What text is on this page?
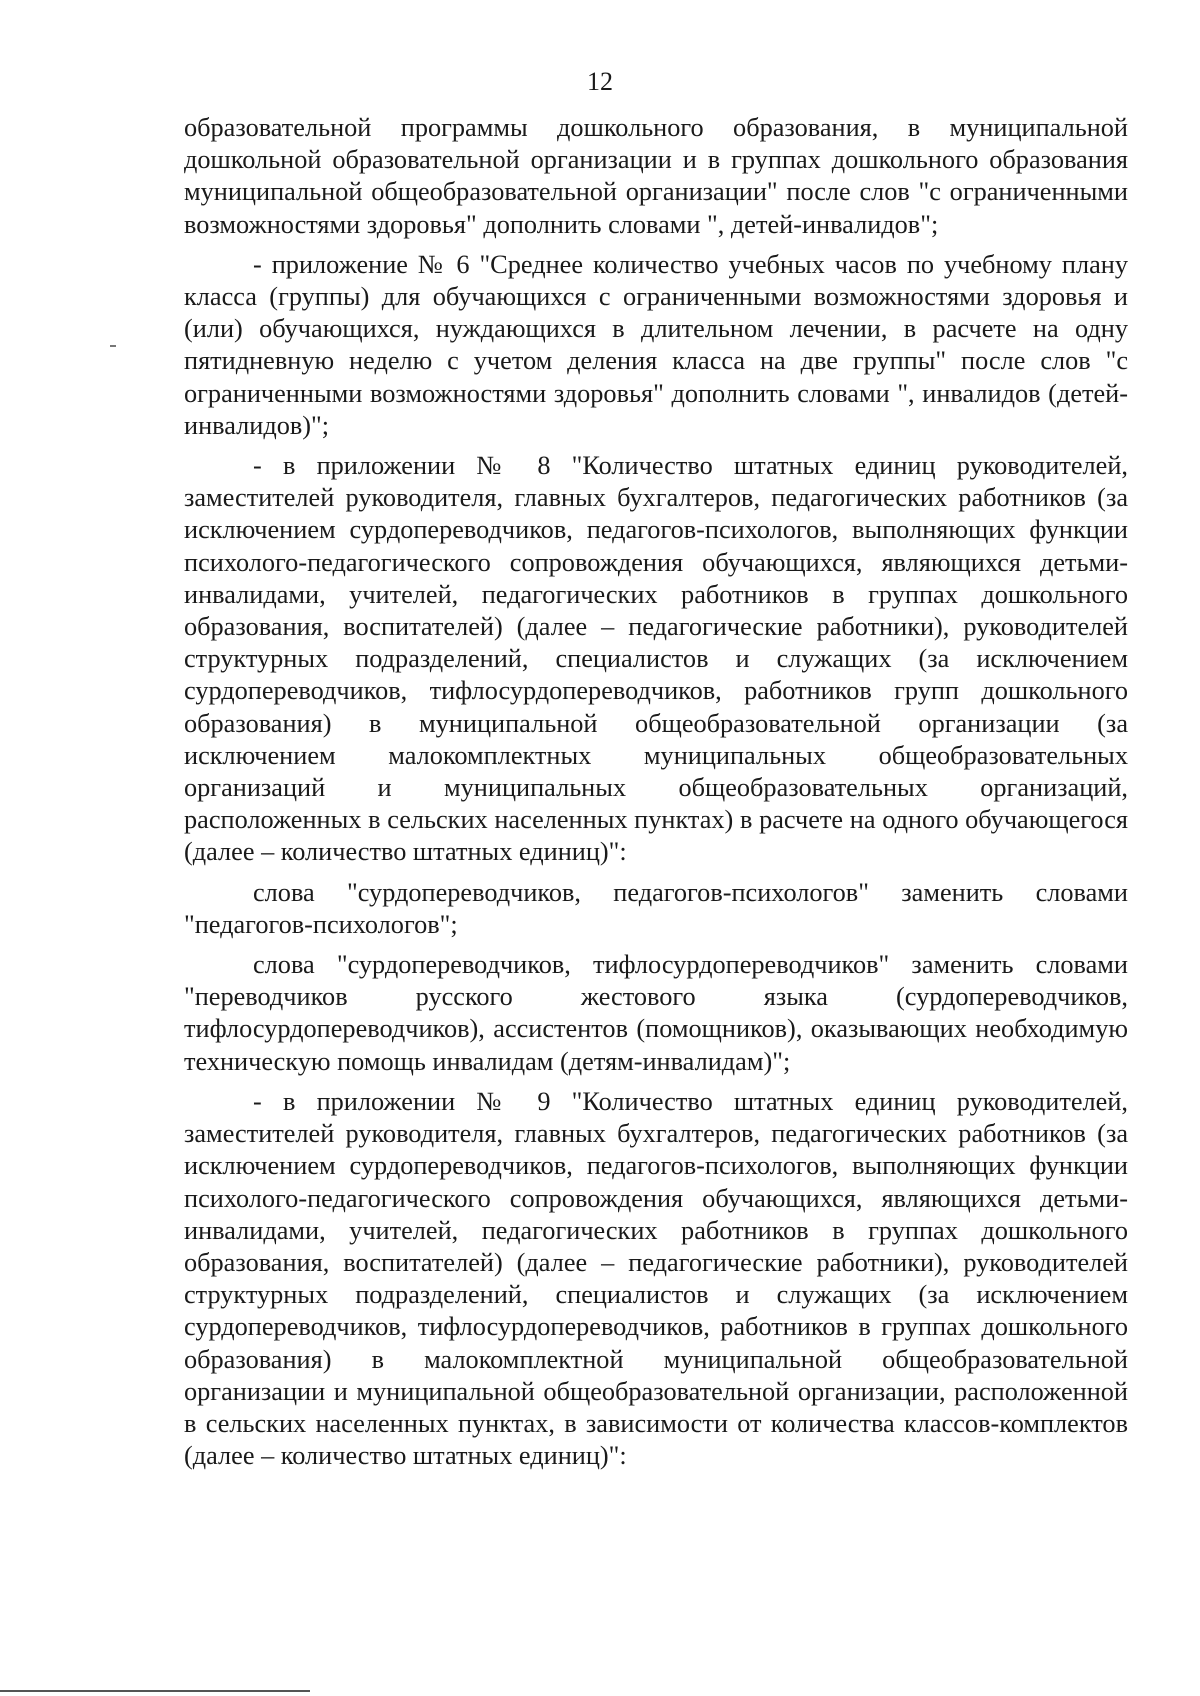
12

образовательной программы дошкольного образования, в муниципальной дошкольной образовательной организации и в группах дошкольного образования муниципальной общеобразовательной организации" после слов "с ограниченными возможностями здоровья" дополнить словами ", детей-инвалидов";

- приложение № 6 "Среднее количество учебных часов по учебному плану класса (группы) для обучающихся с ограниченными возможностями здоровья и (или) обучающихся, нуждающихся в длительном лечении, в расчете на одну пятидневную неделю с учетом деления класса на две группы" после слов "с ограниченными возможностями здоровья" дополнить словами ", инвалидов (детей-инвалидов)";

- в приложении № 8 "Количество штатных единиц руководителей, заместителей руководителя, главных бухгалтеров, педагогических работников (за исключением сурдопереводчиков, педагогов-психологов, выполняющих функции психолого-педагогического сопровождения обучающихся, являющихся детьми-инвалидами, учителей, педагогических работников в группах дошкольного образования, воспитателей) (далее – педагогические работники), руководителей структурных подразделений, специалистов и служащих (за исключением сурдопереводчиков, тифлосурдопереводчиков, работников групп дошкольного образования) в муниципальной общеобразовательной организации (за исключением малокомплектных муниципальных общеобразовательных организаций и муниципальных общеобразовательных организаций, расположенных в сельских населенных пунктах) в расчете на одного обучающегося (далее – количество штатных единиц)":

слова "сурдопереводчиков, педагогов-психологов" заменить словами "педагогов-психологов";

слова "сурдопереводчиков, тифлосурдопереводчиков" заменить словами "переводчиков русского жестового языка (сурдопереводчиков, тифлосурдопереводчиков), ассистентов (помощников), оказывающих необходимую техническую помощь инвалидам (детям-инвалидам)";

- в приложении № 9 "Количество штатных единиц руководителей, заместителей руководителя, главных бухгалтеров, педагогических работников (за исключением сурдопереводчиков, педагогов-психологов, выполняющих функции психолого-педагогического сопровождения обучающихся, являющихся детьми-инвалидами, учителей, педагогических работников в группах дошкольного образования, воспитателей) (далее – педагогические работники), руководителей структурных подразделений, специалистов и служащих (за исключением сурдопереводчиков, тифлосурдопереводчиков, работников в группах дошкольного образования) в малокомплектной муниципальной общеобразовательной организации и муниципальной общеобразовательной организации, расположенной в сельских населенных пунктах, в зависимости от количества классов-комплектов (далее – количество штатных единиц)":
